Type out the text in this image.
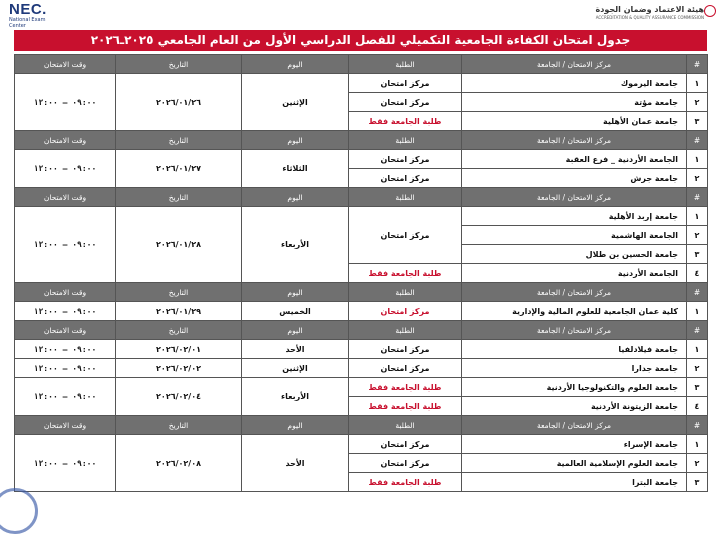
NEC.
National Exam Center
هيئة الاعتماد وضمان الجودة
ACCREDITATION & QUALITY ASSURANCE COMMISSION
جدول امتحان الكفاءة الجامعية التكميلي للفصل الدراسي الأول من العام الجامعي ٢٠٢٥ـ٢٠٢٦
#	مركز الامتحان / الجامعة	الطلبة	اليوم	التاريخ	وقت الامتحان
١	جامعة اليرموك	مركز امتحان	الإثنين	٢٠٢٦/٠١/٢٦	٠٩:٠٠ – ١٢:٠٠
٢	جامعة مؤتة	مركز امتحان			
٣	جامعة عمان الأهلية	طلبة الجامعة فقط			
#	مركز الامتحان / الجامعة	الطلبة	اليوم	التاريخ	وقت الامتحان
١	الجامعة الأردنية _ فرع العقبة	مركز امتحان	الثلاثاء	٢٠٢٦/٠١/٢٧	٠٩:٠٠ – ١٢:٠٠
٢	جامعة جرش	مركز امتحان			
#	مركز الامتحان / الجامعة	الطلبة	اليوم	التاريخ	وقت الامتحان
١	جامعة إربد الأهلية	مركز امتحان	الأربعاء	٢٠٢٦/٠١/٢٨	٠٩:٠٠ – ١٢:٠٠
٢	الجامعة الهاشمية				
٣	جامعة الحسين بن طلال				
٤	الجامعة الأردنية	طلبة الجامعة فقط			
#	مركز الامتحان / الجامعة	الطلبة	اليوم	التاريخ	وقت الامتحان
١	كلية عمان الجامعية للعلوم المالية والإدارية	مركز امتحان	الخميس	٢٠٢٦/٠١/٢٩	٠٩:٠٠ – ١٢:٠٠
#	مركز الامتحان / الجامعة	الطلبة	اليوم	التاريخ	وقت الامتحان
١	جامعة فيلادلفيا	مركز امتحان	الأحد	٢٠٢٦/٠٢/٠١	٠٩:٠٠ – ١٢:٠٠
٢	جامعة جدارا	مركز امتحان	الإثنين	٢٠٢٦/٠٢/٠٢	٠٩:٠٠ – ١٢:٠٠
٣	جامعة العلوم والتكنولوجيا الأردنية	طلبة الجامعة فقط	الأربعاء	٢٠٢٦/٠٢/٠٤	٠٩:٠٠ – ١٢:٠٠
٤	جامعة الزيتونة الأردنية	طلبة الجامعة فقط			
#	مركز الامتحان / الجامعة	الطلبة	اليوم	التاريخ	وقت الامتحان
١	جامعة الإسراء	مركز امتحان	الأحد	٢٠٢٦/٠٢/٠٨	٠٩:٠٠ – ١٢:٠٠
٢	جامعة العلوم الإسلامية العالمية	مركز امتحان			
٣	جامعة البترا	طلبة الجامعة فقط			
